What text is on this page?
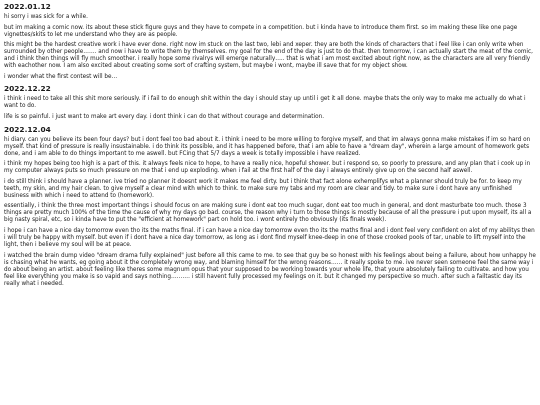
2022.01.12

hi sorry i was sick for a while.

but im making a comic now. its about these stick figure guys and they have to compete in a competition. but i kinda have to introduce them first. so im making these like one page vignettes/skits to let me understand who they are as people.

this might be the hardest creative work i have ever done. right now im stuck on the last two, lebi and xeper. they are both the kinds of characters that i feel like i can only write when surrounded by other people……. and now i have to write them by themselves. my goal for the end of the day is just to do that. then tomorrow, i can actually start the meat of the comic, and i think then things will fly much smoother. i really hope some rivalrys will emerge naturally….. that is what i am most excited about right now, as the characters are all very friendly with eachother now. I am also excited about creating some sort of crafting system, but maybe i wont, maybe ill save that for my object show.

i wonder what the first contest will be…

2022.12.22

i think i need to take all this shit more seriously. if i fail to do enough shit within the day i should stay up until i get it all done. maybe thats the only way to make me actually do what i want to do.

life is so painful. i just want to make art every day. i dont think i can do that without courage and determination.

2022.12.04

hi diary. can you believe its been four days? but i dont feel too bad about it. i think i need to be more willing to forgive myself, and that im always gonna make mistakes if im so hard on myself. that kind of pressure is really insustainable. i do think its possible, and it has happened before, that i am able to have a "dream day", wherein a large amount of homework gets done, and i am able to do things important to me aswell. but FCing that 5/7 days a week is totally impossible i have realized.

i think my hopes being too high is a part of this. it always feels nice to hope, to have a really nice, hopeful shower. but i respond so, so poorly to pressure, and any plan that i cook up in my computer always puts so much pressure on me that i end up exploding. when i fail at the first half of the day i always entirely give up on the second half aswell.

i do still think i should have a planner. ive tried no planner it doesnt work it makes me feel dirty. but i think that fact alone exhemplifys what a planner should truly be for. to keep my teeth, my skin, and my hair clean. to give myself a clear mind with which to think. to make sure my tabs and my room are clear and tidy. to make sure i dont have any unfinished business with which i need to attend to (homework).

essentially, i think the three most important things i should focus on are making sure i dont eat too much sugar, dont eat too much in general, and dont masturbate too much. those 3 things are pretty much 100% of the time the cause of why my days go bad. course, the reason why i turn to those things is mostly because of all the pressure i put upon myself, its all a big nasty spiral, etc, so i kinda have to put the "efficient at homework" part on hold too. i wont entirely tho obviously (its finals week).

i hope i can have a nice day tomorrow even tho its the maths final. if i can have a nice day tomorrow even tho its the maths final and i dont feel very confident on alot of my abilitys then i will truly be happy with myself. but even if i dont have a nice day tomorrow, as long as i dont find myself knee-deep in one of those crooked pools of tar, unable to lift myself into the light, then i believe my soul will be at peace.

i watched the brain dump video "dream drama fully explained" just before all this came to me. to see that guy be so honest with his feelings about being a failure, about how unhappy he is chasing what he wants, eg going about it the completely wrong way, and blaming himself for the wrong reasons…… it really spoke to me. ive never seen someone feel the same way i do about being an artist. about feeling like theres some magnum opus that your supposed to be working towards your whole life, that youre absolutely failing to cultivate. and how you feel like everything you make is so vapid and says nothing………. i still havent fully processed my feelings on it. but it changed my perspective so much. after such a failtastic day its really what i needed.
